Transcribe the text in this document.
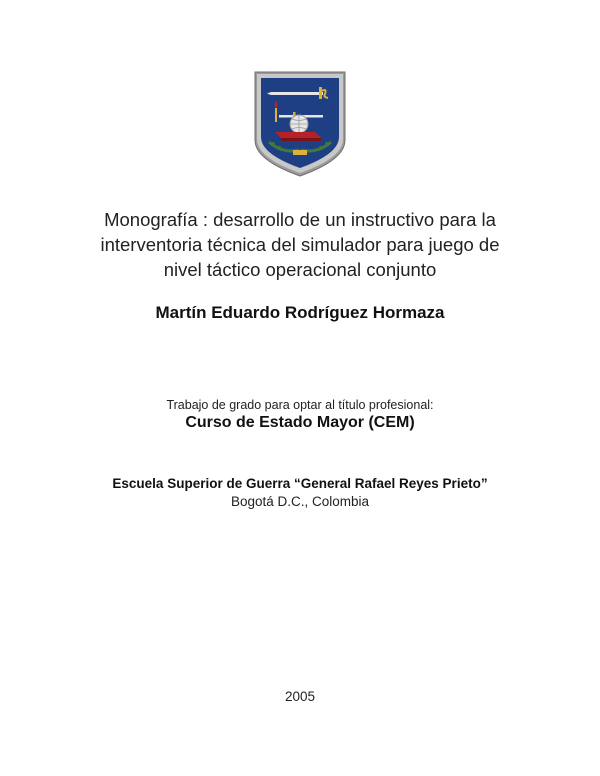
Monografía : desarrollo de un instructivo para la
interventoria técnica del simulador para juego de
nivel táctico operacional conjunto
Martín Eduardo Rodríguez Hormaza
Trabajo de grado para optar al título profesional:
Curso de Estado Mayor (CEM)
Escuela Superior de Guerra “General Rafael Reyes Prieto”
Bogotá D.C., Colombia
2005
